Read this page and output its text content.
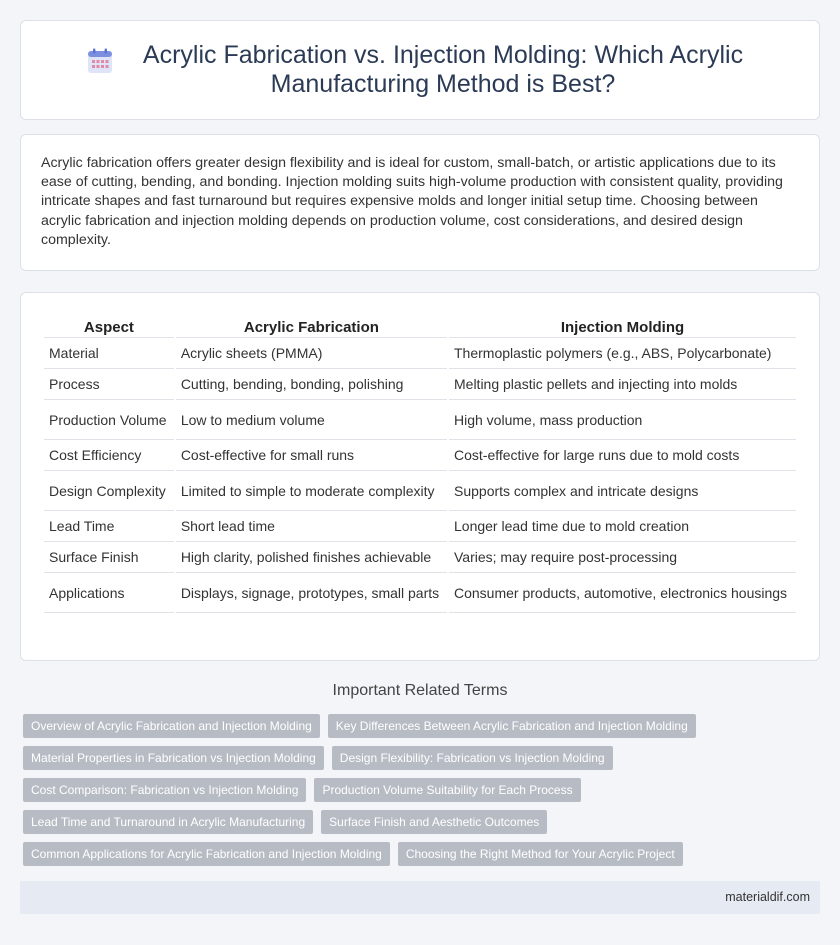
Acrylic Fabrication vs. Injection Molding: Which Acrylic Manufacturing Method is Best?

Acrylic fabrication offers greater design flexibility and is ideal for custom, small-batch, or artistic applications due to its ease of cutting, bending, and bonding. Injection molding suits high-volume production with consistent quality, providing intricate shapes and fast turnaround but requires expensive molds and longer initial setup time. Choosing between acrylic fabrication and injection molding depends on production volume, cost considerations, and desired design complexity.

Aspect	Acrylic Fabrication	Injection Molding
Material	Acrylic sheets (PMMA)	Thermoplastic polymers (e.g., ABS, Polycarbonate)
Process	Cutting, bending, bonding, polishing	Melting plastic pellets and injecting into molds
Production Volume	Low to medium volume	High volume, mass production
Cost Efficiency	Cost-effective for small runs	Cost-effective for large runs due to mold costs
Design Complexity	Limited to simple to moderate complexity	Supports complex and intricate designs
Lead Time	Short lead time	Longer lead time due to mold creation
Surface Finish	High clarity, polished finishes achievable	Varies; may require post-processing
Applications	Displays, signage, prototypes, small parts	Consumer products, automotive, electronics housings
Important Related Terms
Overview of Acrylic Fabrication and Injection Molding	Key Differences Between Acrylic Fabrication and Injection Molding
Material Properties in Fabrication vs Injection Molding	Design Flexibility: Fabrication vs Injection Molding
Cost Comparison: Fabrication vs Injection Molding	Production Volume Suitability for Each Process
Lead Time and Turnaround in Acrylic Manufacturing	Surface Finish and Aesthetic Outcomes
Common Applications for Acrylic Fabrication and Injection Molding	Choosing the Right Method for Your Acrylic Project
materialdif.com
